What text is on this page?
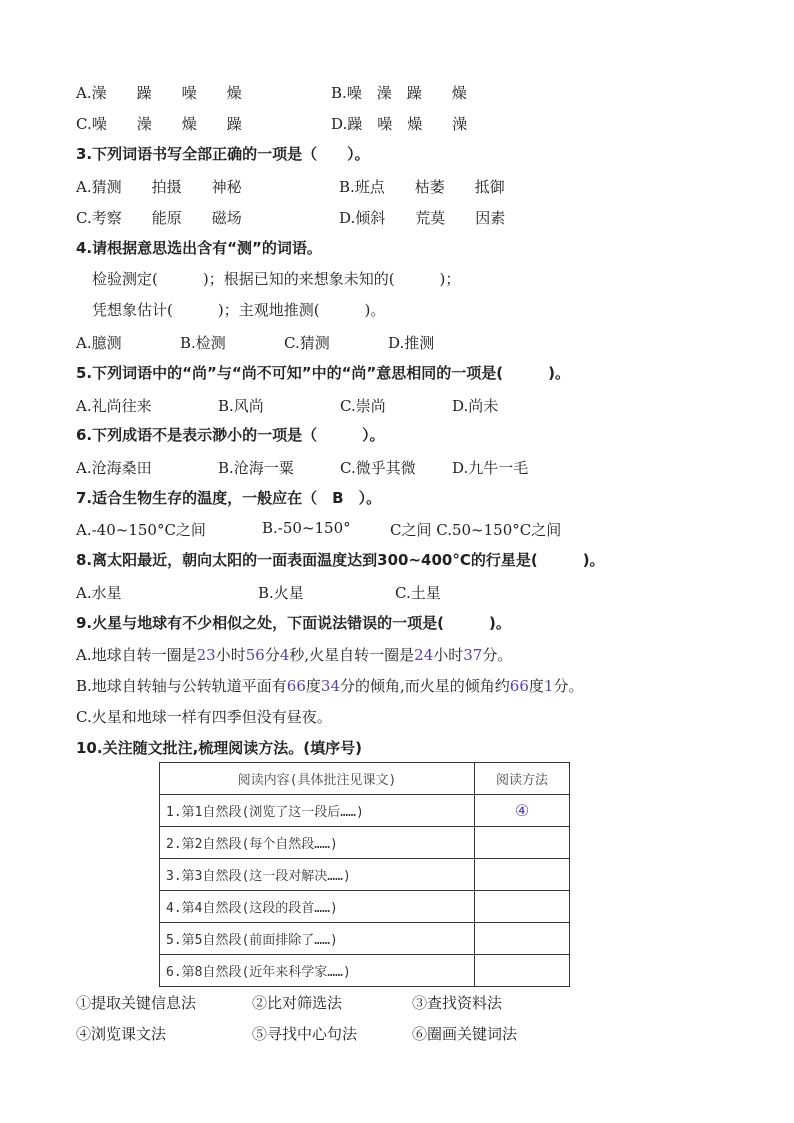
A.澡　　躁　　噪　　燥	B.噪　澡　躁　　燥
C.噪　　澡　　燥　　躁	D.躁　噪　燥　　澡
3.下列词语书写全部正确的一项是（　　）。
A.猜测　　拍摄　　神秘	B.班点　　枯萎　　抵御
C.考察　　能原　　磁场	D.倾斜　　荒莫　　因素
4.请根据意思选出含有“测”的词语。
检验测定(　　　)；根据已知的来想象未知的(　　　)；
凭想象估计(　　　)；主观地推测(　　　)。
A.臆测	B.检测	C.猜测	D.推测
5.下列词语中的“尚”与“尚不可知”中的“尚”意思相同的一项是(　　　)。
A.礼尚往来	B.风尚	C.崇尚	D.尚未
6.下列成语不是表示渺小的一项是（　　　）。
A.沧海桑田	B.沧海一粟	C.微乎其微 D.九牛一毛
7.适合生物生存的温度，一般应在（　B　）。
A.-40~150°C之间	B.-50~150°	C之间 C.50~150°C之间
8.离太阳最近，朝向太阳的一面表面温度达到300~400°C的行星是(　　　)。
A.水星	B.火星	C.土星
9.火星与地球有不少相似之处，下面说法错误的一项是(　　　)。
A.地球自转一圈是23小时56分4秒,火星自转一圈是24小时37分。
B.地球自转轴与公转轨道平面有66度34分的倾角,而火星的倾角约66度1分。
C.火星和地球一样有四季但没有昼夜。
10.关注随文批注,梳理阅读方法。(填序号)
阅读内容(具体批注见课文)	阅读方法
1.第1自然段(浏览了这一段后……)	④
2.第2自然段(每个自然段……)	
3.第3自然段(这一段对解决……)	
4.第4自然段(这段的段首……)	
5.第5自然段(前面排除了……)	
6.第8自然段(近年来科学家……)	
①提取关键信息法	②比对筛选法	③查找资料法
④浏览课文法	⑤寻找中心句法	⑥圈画关键词法
